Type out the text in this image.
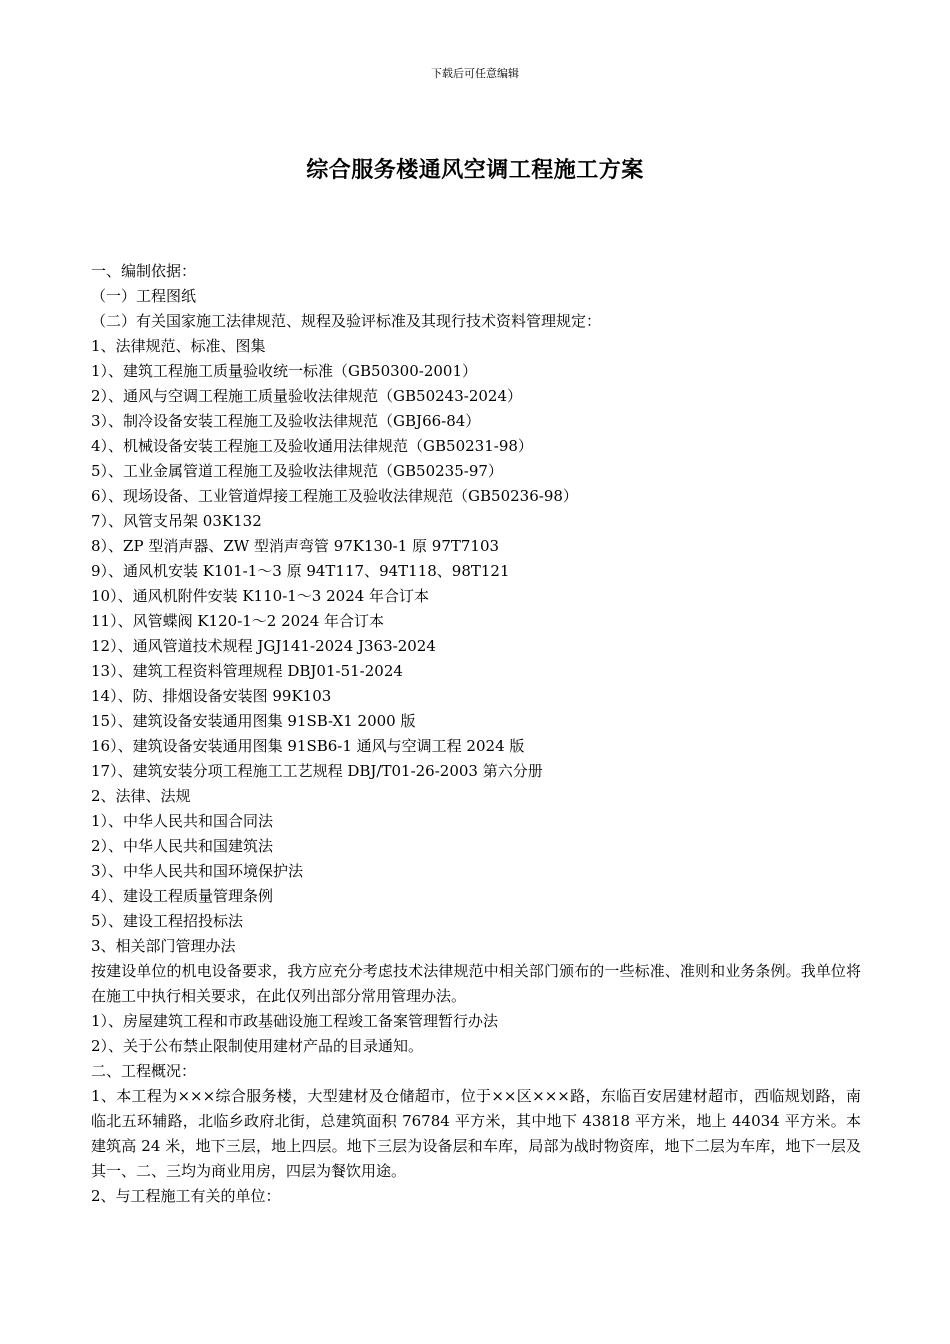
下载后可任意编辑
综合服务楼通风空调工程施工方案

一、编制依据：

（一）工程图纸

（二）有关国家施工法律规范、规程及验评标准及其现行技术资料管理规定：

1、法律规范、标准、图集

1）、建筑工程施工质量验收统一标准（GB50300-2001）

2）、通风与空调工程施工质量验收法律规范（GB50243-2024）

3）、制冷设备安装工程施工及验收法律规范（GBJ66-84）

4）、机械设备安装工程施工及验收通用法律规范（GB50231-98）

5）、工业金属管道工程施工及验收法律规范（GB50235-97）

6）、现场设备、工业管道焊接工程施工及验收法律规范（GB50236-98）

7）、风管支吊架 03K132

8）、ZP 型消声器、ZW 型消声弯管 97K130-1 原 97T7103

9）、通风机安装 K101-1～3 原 94T117、94T118、98T121

10）、通风机附件安装 K110-1～3 2024 年合订本

11）、风管蝶阀 K120-1～2 2024 年合订本

12）、通风管道技术规程 JGJ141-2024 J363-2024

13）、建筑工程资料管理规程 DBJ01-51-2024

14）、防、排烟设备安装图 99K103

15）、建筑设备安装通用图集 91SB-X1 2000 版

16）、建筑设备安装通用图集 91SB6-1 通风与空调工程 2024 版

17）、建筑安装分项工程施工工艺规程 DBJ/T01-26-2003 第六分册

2、法律、法规

1）、中华人民共和国合同法

2）、中华人民共和国建筑法

3）、中华人民共和国环境保护法

4）、建设工程质量管理条例

5）、建设工程招投标法

3、相关部门管理办法

按建设单位的机电设备要求，我方应充分考虑技术法律规范中相关部门颁布的一些标准、准则和业务条例。我单位将在施工中执行相关要求，在此仅列出部分常用管理办法。

1）、房屋建筑工程和市政基础设施工程竣工备案管理暂行办法

2）、关于公布禁止限制使用建材产品的目录通知。

二、工程概况：

1、本工程为×××综合服务楼，大型建材及仓储超市，位于××区×××路，东临百安居建材超市，西临规划路，南临北五环辅路，北临乡政府北街，总建筑面积 76784 平方米，其中地下 43818 平方米，地上 44034 平方米。本建筑高 24 米，地下三层，地上四层。地下三层为设备层和车库，局部为战时物资库，地下二层为车库，地下一层及其一、二、三均为商业用房，四层为餐饮用途。

2、与工程施工有关的单位：
